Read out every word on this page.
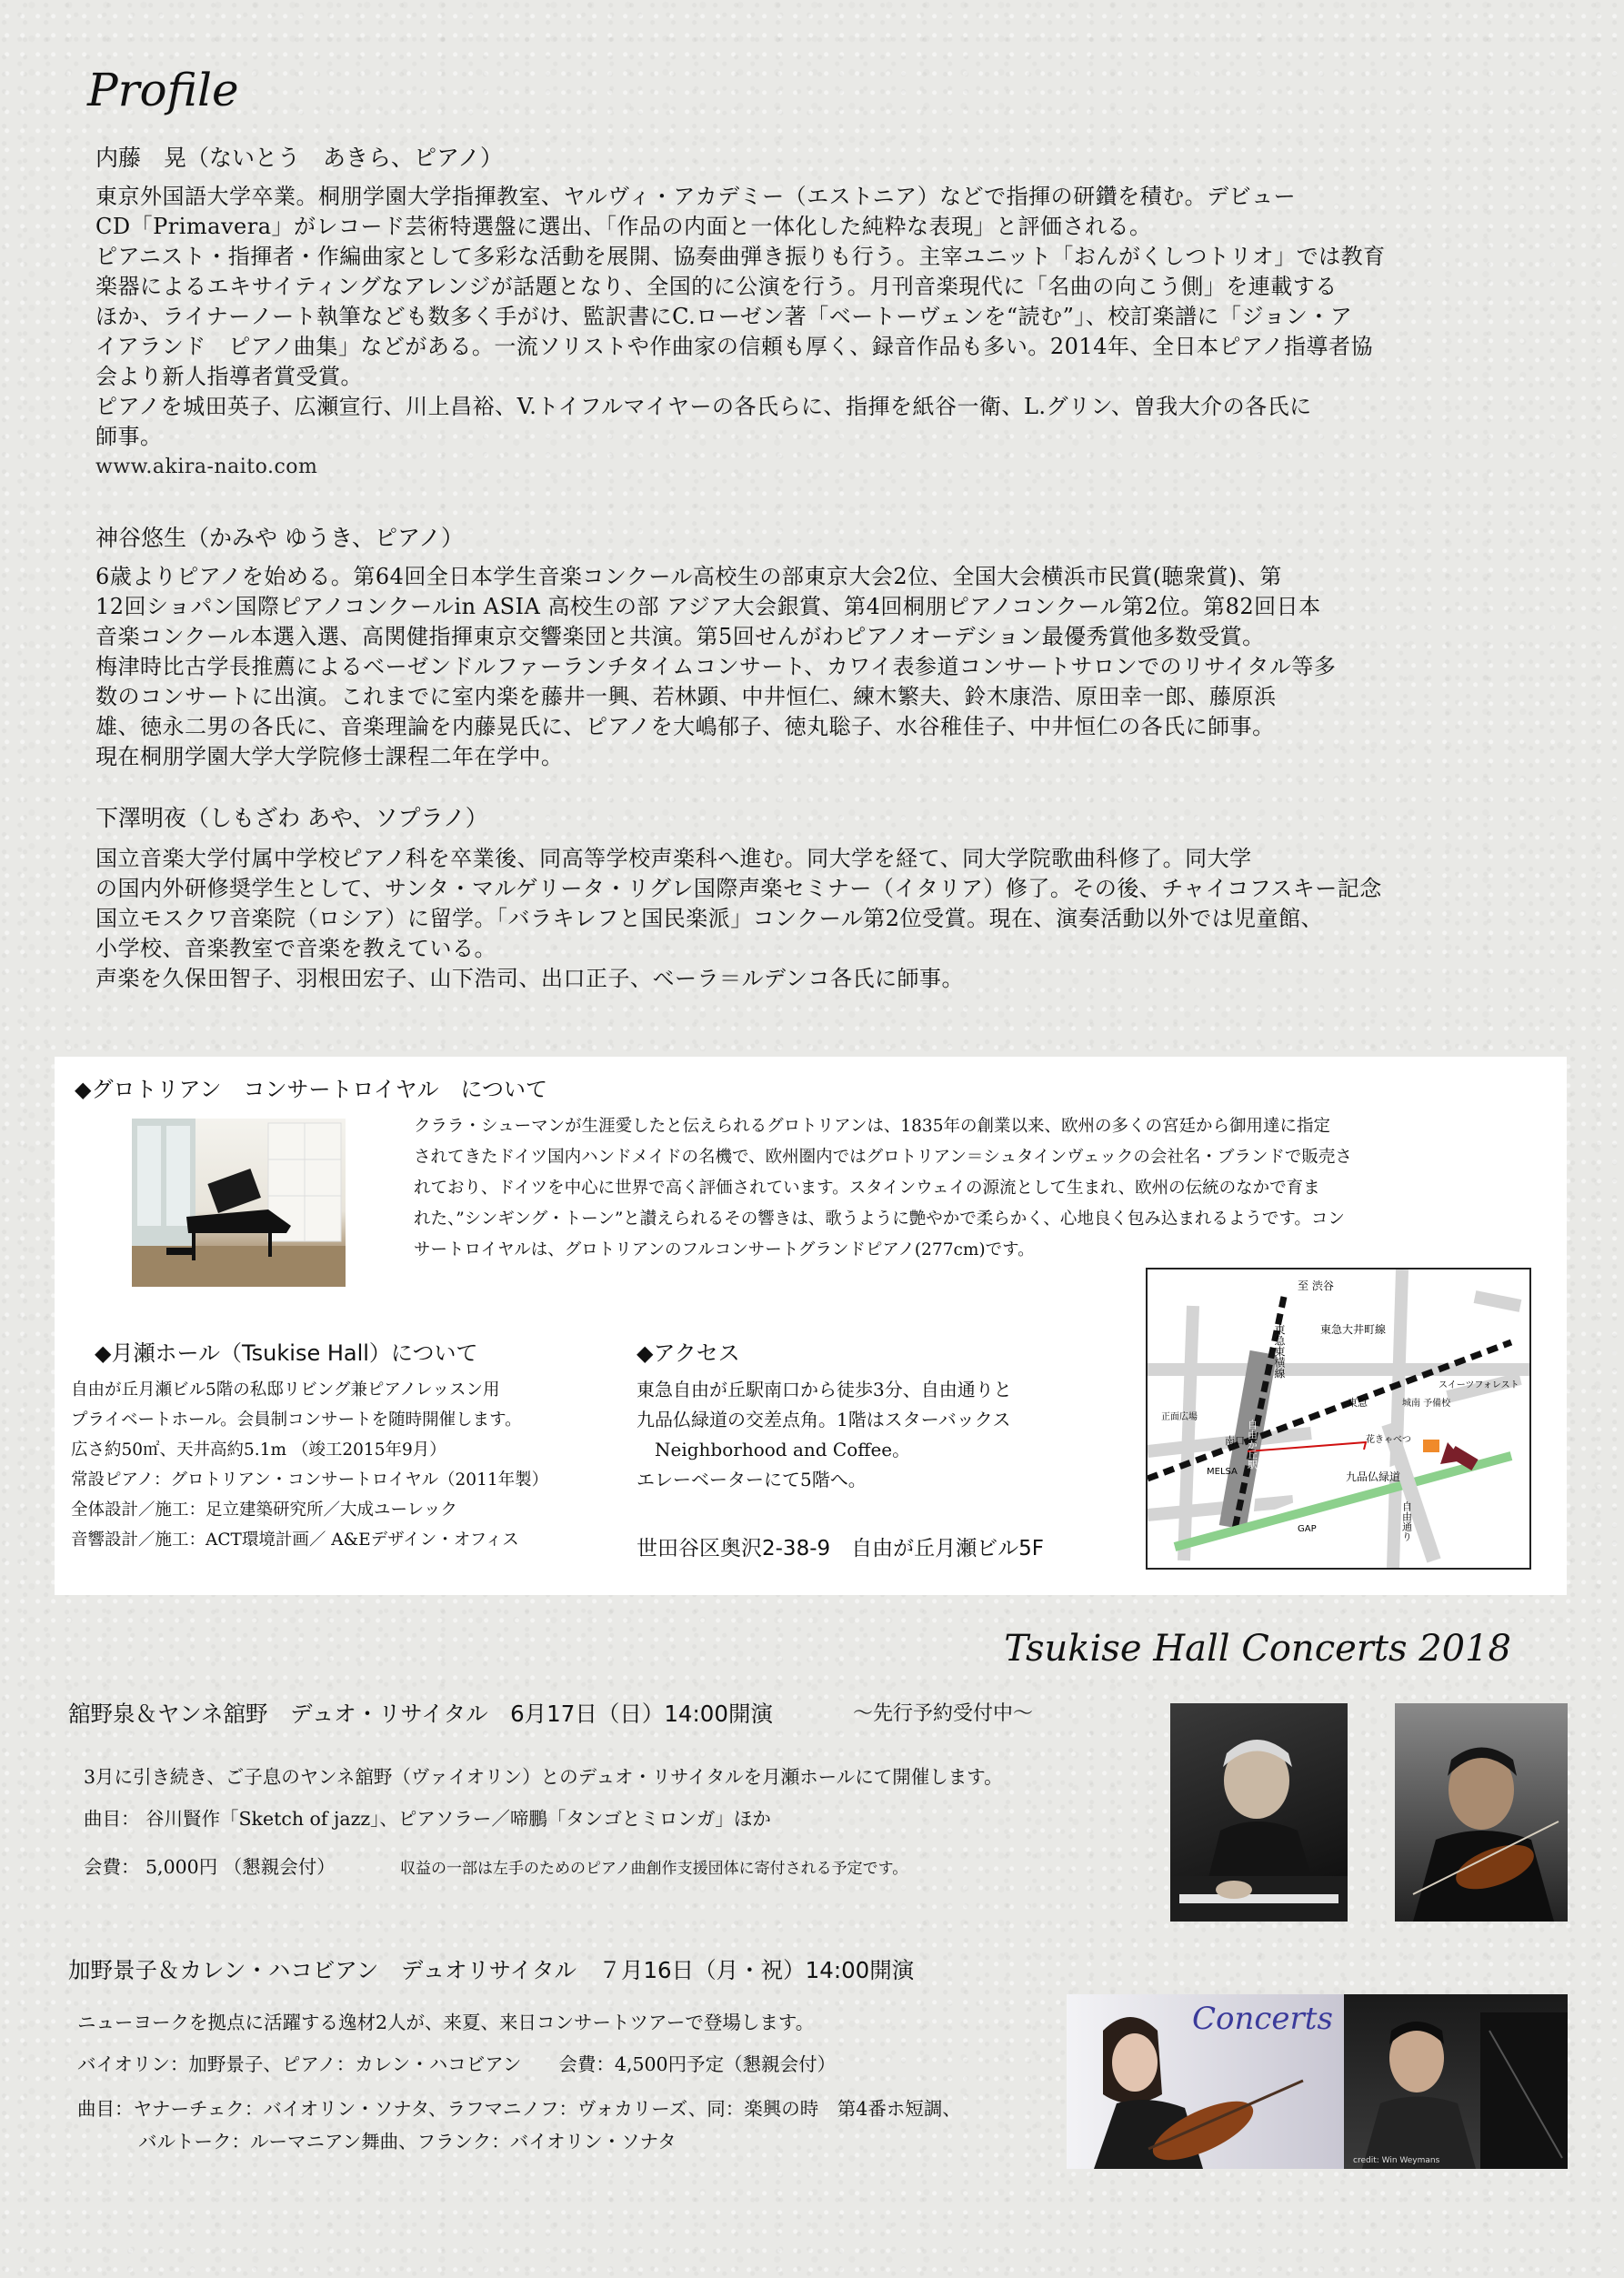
Profile
内藤　晃（ないとう　あきら、ピアノ）

東京外国語大学卒業。桐朋学園大学指揮教室、ヤルヴィ・アカデミー（エストニア）などで指揮の研鑽を積む。デビュー

CD「Primavera」がレコード芸術特選盤に選出、「作品の内面と一体化した純粋な表現」と評価される。

ピアニスト・指揮者・作編曲家として多彩な活動を展開、協奏曲弾き振りも行う。主宰ユニット「おんがくしつトリオ」では教育

楽器によるエキサイティングなアレンジが話題となり、全国的に公演を行う。月刊音楽現代に「名曲の向こう側」を連載する

ほか、ライナーノート執筆なども数多く手がけ、監訳書にC.ローゼン著「ベートーヴェンを“読む”」、校訂楽譜に「ジョン・ア

イアランド　ピアノ曲集」などがある。一流ソリストや作曲家の信頼も厚く、録音作品も多い。2014年、全日本ピアノ指導者協

会より新人指導者賞受賞。

ピアノを城田英子、広瀬宣行、川上昌裕、V.トイフルマイヤーの各氏らに、指揮を紙谷一衛、L.グリン、曽我大介の各氏に

師事。

www.akira-naito.com

神谷悠生（かみや ゆうき、ピアノ）

6歳よりピアノを始める。第64回全日本学生音楽コンクール高校生の部東京大会2位、全国大会横浜市民賞(聴衆賞)、第

12回ショパン国際ピアノコンクールin ASIA 高校生の部 アジア大会銀賞、第4回桐朋ピアノコンクール第2位。第82回日本

音楽コンクール本選入選、高関健指揮東京交響楽団と共演。第5回せんがわピアノオーデション最優秀賞他多数受賞。

梅津時比古学長推薦によるベーゼンドルファーランチタイムコンサート、カワイ表参道コンサートサロンでのリサイタル等多

数のコンサートに出演。これまでに室内楽を藤井一興、若林顕、中井恒仁、練木繁夫、鈴木康浩、原田幸一郎、藤原浜

雄、徳永二男の各氏に、音楽理論を内藤晃氏に、ピアノを大嶋郁子、徳丸聡子、水谷稚佳子、中井恒仁の各氏に師事。

現在桐朋学園大学大学院修士課程二年在学中。

下澤明夜（しもざわ あや、ソプラノ）

国立音楽大学付属中学校ピアノ科を卒業後、同高等学校声楽科へ進む。同大学を経て、同大学院歌曲科修了。同大学

の国内外研修奨学生として、サンタ・マルゲリータ・リグレ国際声楽セミナー（イタリア）修了。その後、チャイコフスキー記念

国立モスクワ音楽院（ロシア）に留学。「バラキレフと国民楽派」コンクール第2位受賞。現在、演奏活動以外では児童館、

小学校、音楽教室で音楽を教えている。

声楽を久保田智子、羽根田宏子、山下浩司、出口正子、ベーラ＝ルデンコ各氏に師事。

◆グロトリアン　コンサートロイヤル　について

クララ・シューマンが生涯愛したと伝えられるグロトリアンは、1835年の創業以来、欧州の多くの宮廷から御用達に指定

されてきたドイツ国内ハンドメイドの名機で、欧州圏内ではグロトリアン＝シュタインヴェックの会社名・ブランドで販売さ

れており、ドイツを中心に世界で高く評価されています。スタインウェイの源流として生まれ、欧州の伝統のなかで育ま

れた、”シンギング・トーン”と讃えられるその響きは、歌うように艶やかで柔らかく、心地良く包み込まれるようです。コン

サートロイヤルは、グロトリアンのフルコンサートグランドピアノ(277cm)です。

◆月瀬ホール（Tsukise Hall）について

自由が丘月瀬ビル5階の私邸リビング兼ピアノレッスン用

プライベートホール。会員制コンサートを随時開催します。

広さ約50㎡、天井高約5.1m （竣工2015年9月）

常設ピアノ：グロトリアン・コンサートロイヤル（2011年製）

全体設計／施工：足立建築研究所／大成ユーレック

音響設計／施工：ACT環境計画／ A&Eデザイン・オフィス

◆アクセス

東急自由が丘駅南口から徒歩3分、自由通りと

九品仏緑道の交差点角。1階はスターバックス

　Neighborhood and Coffee。

エレーベーターにて5階へ。

世田谷区奥沢2-38-9　自由が丘月瀬ビル5F
至 渋谷
東急大井町線
東急東横線
正面広場
自由が丘駅
南口
東急	城南 予備校
スイーツフォレスト
花きゃべつ
MELSA	九品仏緑道
GAP	自由通り
Tsukise Hall Concerts 2018
舘野泉＆ヤンネ舘野　デュオ・リサイタル　6月17日（日）14:00開演	～先行予約受付中～
3月に引き続き、ご子息のヤンネ舘野（ヴァイオリン）とのデュオ・リサイタルを月瀬ホールにて開催します。
曲目： 谷川賢作「Sketch of jazz」、ピアソラー／啼鵬「タンゴとミロンガ」ほか
会費： 5,000円 （懇親会付）	収益の一部は左手のためのピアノ曲創作支援団体に寄付される予定です。
加野景子＆カレン・ハコビアン　デュオリサイタル　７月16日（月・祝）14:00開演
ニューヨークを拠点に活躍する逸材2人が、来夏、来日コンサートツアーで登場します。
バイオリン：加野景子、ピアノ：カレン・ハコビアン　　会費：4,500円予定（懇親会付）
曲目：ヤナーチェク：バイオリン・ソナタ、ラフマニノフ：ヴォカリーズ、同：楽興の時　第4番ホ短調、
バルトーク：ルーマニアン舞曲、フランク：バイオリン・ソナタ
Concerts
credit: Win Weymans
